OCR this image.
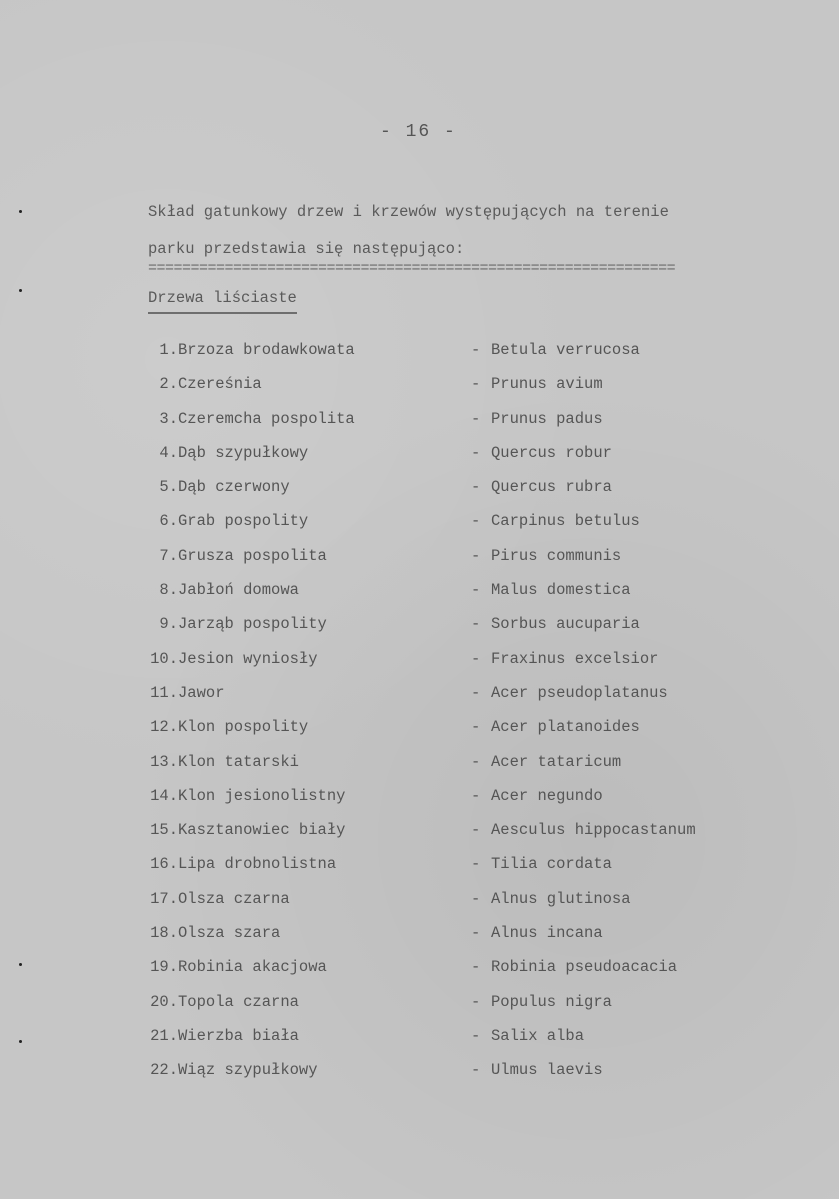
- 16 -

Skład gatunkowy drzew i krzewów występujących na terenie

parku przedstawia się następująco:

==============================================================
Drzewa liściaste
1. Brzoza brodawkowata	- Betula verrucosa
2. Czereśnia	- Prunus avium
3. Czeremcha pospolita	- Prunus padus
4. Dąb szypułkowy	- Quercus robur
5. Dąb czerwony	- Quercus rubra
6. Grab pospolity	- Carpinus betulus
7. Grusza pospolita	- Pirus communis
8. Jabłoń domowa	- Malus domestica
9. Jarząb pospolity	- Sorbus aucuparia
10. Jesion wyniosły	- Fraxinus excelsior
11. Jawor	- Acer pseudoplatanus
12. Klon pospolity	- Acer platanoides
13. Klon tatarski	- Acer tataricum
14. Klon jesionolistny	- Acer negundo
15. Kasztanowiec biały	- Aesculus hippocastanum
16. Lipa drobnolistna	- Tilia cordata
17. Olsza czarna	- Alnus glutinosa
18. Olsza szara	- Alnus incana
19. Robinia akacjowa	- Robinia pseudoacacia
20. Topola czarna	- Populus nigra
21. Wierzba biała	- Salix alba
22. Wiąz szypułkowy	- Ulmus laevis
